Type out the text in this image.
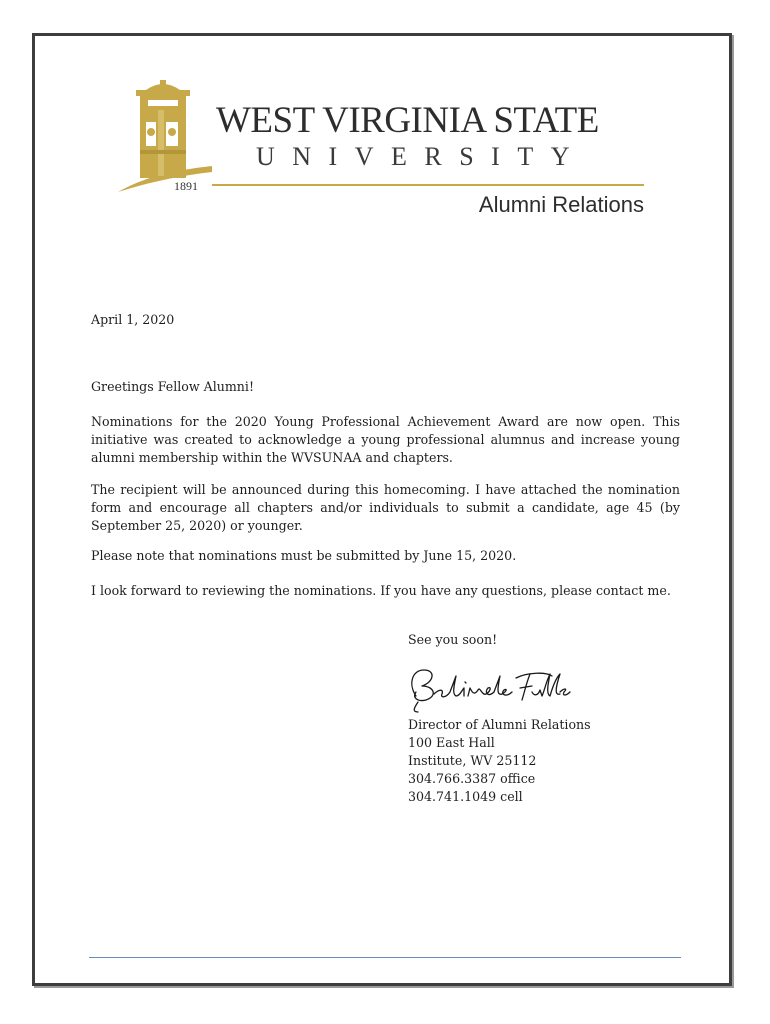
WEST VIRGINIA STATE
UNIVERSITY
1891
Alumni Relations

April 1, 2020

Greetings Fellow Alumni!

Nominations for the 2020 Young Professional Achievement Award are now open. This initiative was created to acknowledge a young professional alumnus and increase young alumni membership within the WVSUNAA and chapters.

The recipient will be announced during this homecoming. I have attached the nomination form and encourage all chapters and/or individuals to submit a candidate, age 45 (by September 25, 2020) or younger.

Please note that nominations must be submitted by June 15, 2020.

I look forward to reviewing the nominations. If you have any questions, please contact me.

See you soon!

Director of Alumni Relations
100 East Hall
Institute, WV 25112
304.766.3387 office
304.741.1049 cell
